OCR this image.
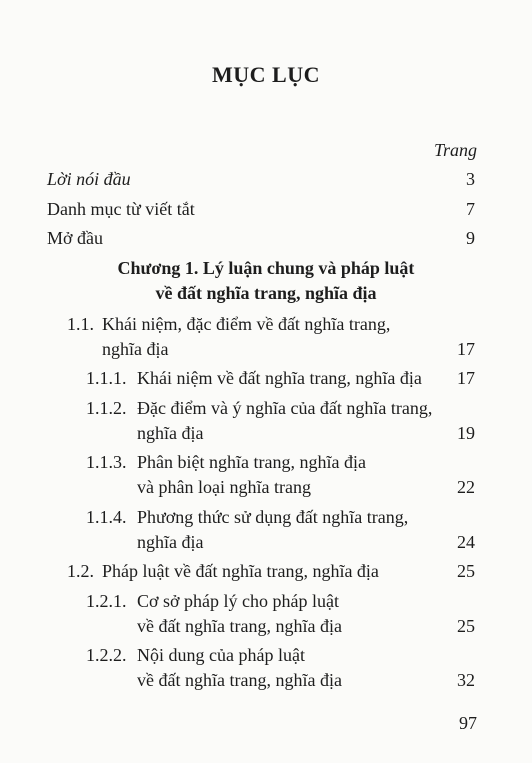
MỤC LỤC
Trang
Lời nói đầu	3
Danh mục từ viết tắt	7
Mở đầu	9
Chương 1. Lý luận chung và pháp luật
về đất nghĩa trang, nghĩa địa
1.1. Khái niệm, đặc điểm về đất nghĩa trang,
nghĩa địa	17
1.1.1. Khái niệm về đất nghĩa trang, nghĩa địa 17
1.1.2. Đặc điểm và ý nghĩa của đất nghĩa trang,
nghĩa địa	19
1.1.3. Phân biệt nghĩa trang, nghĩa địa
và phân loại nghĩa trang	22
1.1.4. Phương thức sử dụng đất nghĩa trang,
nghĩa địa	24
1.2. Pháp luật về đất nghĩa trang, nghĩa địa	25
1.2.1. Cơ sở pháp lý cho pháp luật
về đất nghĩa trang, nghĩa địa	25
1.2.2. Nội dung của pháp luật
về đất nghĩa trang, nghĩa địa	32
97
